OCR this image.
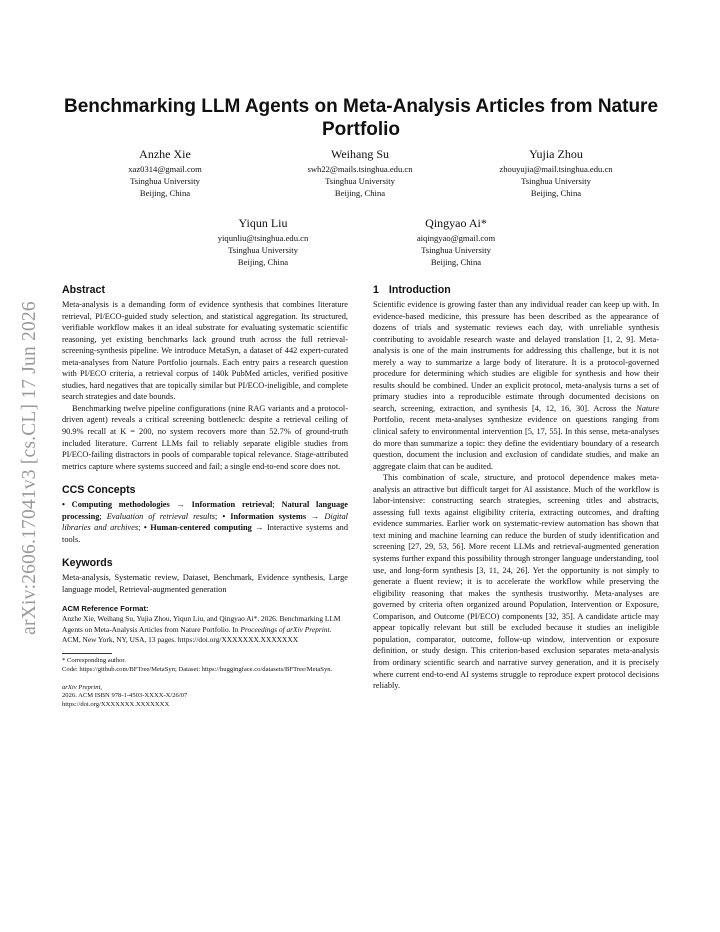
arXiv:2606.17041v3 [cs.CL] 17 Jun 2026
Benchmarking LLM Agents on Meta-Analysis Articles from Nature Portfolio
Anzhe Xie
xaz0314@gmail.com
Tsinghua University
Beijing, China
Weihang Su
swh22@mails.tsinghua.edu.cn
Tsinghua University
Beijing, China
Yujia Zhou
zhouyujia@mail.tsinghua.edu.cn
Tsinghua University
Beijing, China
Yiqun Liu
yiqunliu@tsinghua.edu.cn
Tsinghua University
Beijing, China
Qingyao Ai*
aiqingyao@gmail.com
Tsinghua University
Beijing, China
Abstract

Meta-analysis is a demanding form of evidence synthesis that combines literature retrieval, PI/ECO-guided study selection, and statistical aggregation. Its structured, verifiable workflow makes it an ideal substrate for evaluating systematic scientific reasoning, yet existing benchmarks lack ground truth across the full retrieval-screening-synthesis pipeline. We introduce MetaSyn, a dataset of 442 expert-curated meta-analyses from Nature Portfolio journals. Each entry pairs a research question with PI/ECO criteria, a retrieval corpus of 140k PubMed articles, verified positive studies, hard negatives that are topically similar but PI/ECO-ineligible, and complete search strategies and date bounds.

Benchmarking twelve pipeline configurations (nine RAG variants and a protocol-driven agent) reveals a critical screening bottleneck: despite a retrieval ceiling of 90.9% recall at K = 200, no system recovers more than 52.7% of ground-truth included literature. Current LLMs fail to reliably separate eligible studies from PI/ECO-failing distractors in pools of comparable topical relevance. Stage-attributed metrics capture where systems succeed and fail; a single end-to-end score does not.

CCS Concepts

• Computing methodologies → Information retrieval; Natural language processing; Evaluation of retrieval results; • Information systems → Digital libraries and archives; • Human-centered computing → Interactive systems and tools.

Keywords

Meta-analysis, Systematic review, Dataset, Benchmark, Evidence synthesis, Large language model, Retrieval-augmented generation

ACM Reference Format:
Anzhe Xie, Weihang Su, Yujia Zhou, Yiqun Liu, and Qingyao Ai*. 2026. Benchmarking LLM Agents on Meta-Analysis Articles from Nature Portfolio. In Proceedings of arXiv Preprint. ACM, New York, NY, USA, 13 pages. https://doi.org/XXXXXXX.XXXXXXX
* Corresponding author.
Code: https://github.com/BFTree/MetaSyn; Dataset: https://huggingface.co/datasets/BFTree/MetaSyn.
arXiv Preprint,
2026. ACM ISBN 978-1-4503-XXXX-X/26/07
https://doi.org/XXXXXXX.XXXXXXX
1 Introduction

Scientific evidence is growing faster than any individual reader can keep up with. In evidence-based medicine, this pressure has been described as the appearance of dozens of trials and systematic reviews each day, with unreliable synthesis contributing to avoidable research waste and delayed translation [1, 2, 9]. Meta-analysis is one of the main instruments for addressing this challenge, but it is not merely a way to summarize a large body of literature. It is a protocol-governed procedure for determining which studies are eligible for synthesis and how their results should be combined. Under an explicit protocol, meta-analysis turns a set of primary studies into a reproducible estimate through documented decisions on search, screening, extraction, and synthesis [4, 12, 16, 30]. Across the Nature Portfolio, recent meta-analyses synthesize evidence on questions ranging from clinical safety to environmental intervention [5, 17, 55]. In this sense, meta-analyses do more than summarize a topic: they define the evidentiary boundary of a research question, document the inclusion and exclusion of candidate studies, and make an aggregate claim that can be audited.

This combination of scale, structure, and protocol dependence makes meta-analysis an attractive but difficult target for AI assistance. Much of the workflow is labor-intensive: constructing search strategies, screening titles and abstracts, assessing full texts against eligibility criteria, extracting outcomes, and drafting evidence summaries. Earlier work on systematic-review automation has shown that text mining and machine learning can reduce the burden of study identification and screening [27, 29, 53, 56]. More recent LLMs and retrieval-augmented generation systems further expand this possibility through stronger language understanding, tool use, and long-form synthesis [3, 11, 24, 26]. Yet the opportunity is not simply to generate a fluent review; it is to accelerate the workflow while preserving the eligibility reasoning that makes the synthesis trustworthy. Meta-analyses are governed by criteria often organized around Population, Intervention or Exposure, Comparison, and Outcome (PI/ECO) components [32, 35]. A candidate article may appear topically relevant but still be excluded because it studies an ineligible population, comparator, outcome, follow-up window, intervention or exposure definition, or study design. This criterion-based exclusion separates meta-analysis from ordinary scientific search and narrative survey generation, and it is precisely where current end-to-end AI systems struggle to reproduce expert protocol decisions reliably.
